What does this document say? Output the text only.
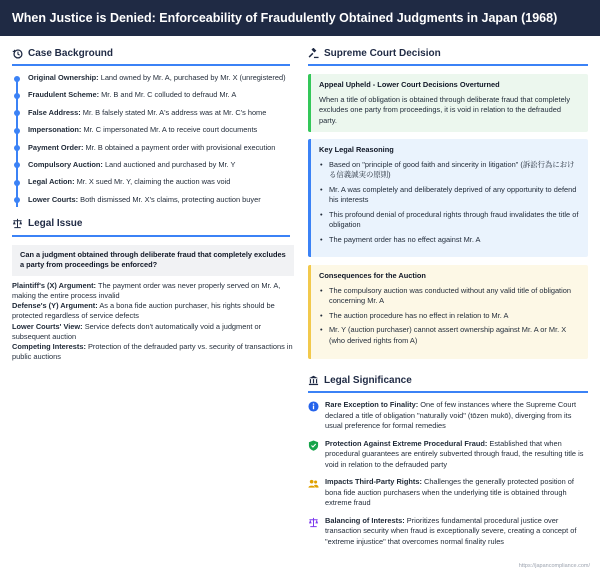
When Justice is Denied: Enforceability of Fraudulently Obtained Judgments in Japan (1968)
Case Background
Original Ownership: Land owned by Mr. A, purchased by Mr. X (unregistered)
Fraudulent Scheme: Mr. B and Mr. C colluded to defraud Mr. A
False Address: Mr. B falsely stated Mr. A's address was at Mr. C's home
Impersonation: Mr. C impersonated Mr. A to receive court documents
Payment Order: Mr. B obtained a payment order with provisional execution
Compulsory Auction: Land auctioned and purchased by Mr. Y
Legal Action: Mr. X sued Mr. Y, claiming the auction was void
Lower Courts: Both dismissed Mr. X's claims, protecting auction buyer
Legal Issue
Can a judgment obtained through deliberate fraud that completely excludes a party from proceedings be enforced?

Plaintiff's (X) Argument: The payment order was never properly served on Mr. A, making the entire process invalid

Defense's (Y) Argument: As a bona fide auction purchaser, his rights should be protected regardless of service defects

Lower Courts' View: Service defects don't automatically void a judgment or subsequent auction

Competing Interests: Protection of the defrauded party vs. security of transactions in public auctions

Supreme Court Decision
Appeal Upheld - Lower Court Decisions Overturned
When a title of obligation is obtained through deliberate fraud that completely excludes one party from proceedings, it is void in relation to the defrauded party.
Key Legal Reasoning
• Based on "principle of good faith and sincerity in litigation" (訴訟行為における信義誠実の原則)
• Mr. A was completely and deliberately deprived of any opportunity to defend his interests
• This profound denial of procedural rights through fraud invalidates the title of obligation
• The payment order has no effect against Mr. A
Consequences for the Auction
• The compulsory auction was conducted without any valid title of obligation concerning Mr. A
• The auction procedure has no effect in relation to Mr. A
• Mr. Y (auction purchaser) cannot assert ownership against Mr. A or Mr. X (who derived rights from A)
Legal Significance
Rare Exception to Finality: One of few instances where the Supreme Court declared a title of obligation "naturally void" (tōzen mukō), diverging from its usual preference for formal remedies
Protection Against Extreme Procedural Fraud: Established that when procedural guarantees are entirely subverted through fraud, the resulting title is void in relation to the defrauded party
Impacts Third-Party Rights: Challenges the generally protected position of bona fide auction purchasers when the underlying title is obtained through extreme fraud
Balancing of Interests: Prioritizes fundamental procedural justice over transaction security when fraud is exceptionally severe, creating a concept of "extreme injustice" that overcomes normal finality rules
https://japancompliance.com/
